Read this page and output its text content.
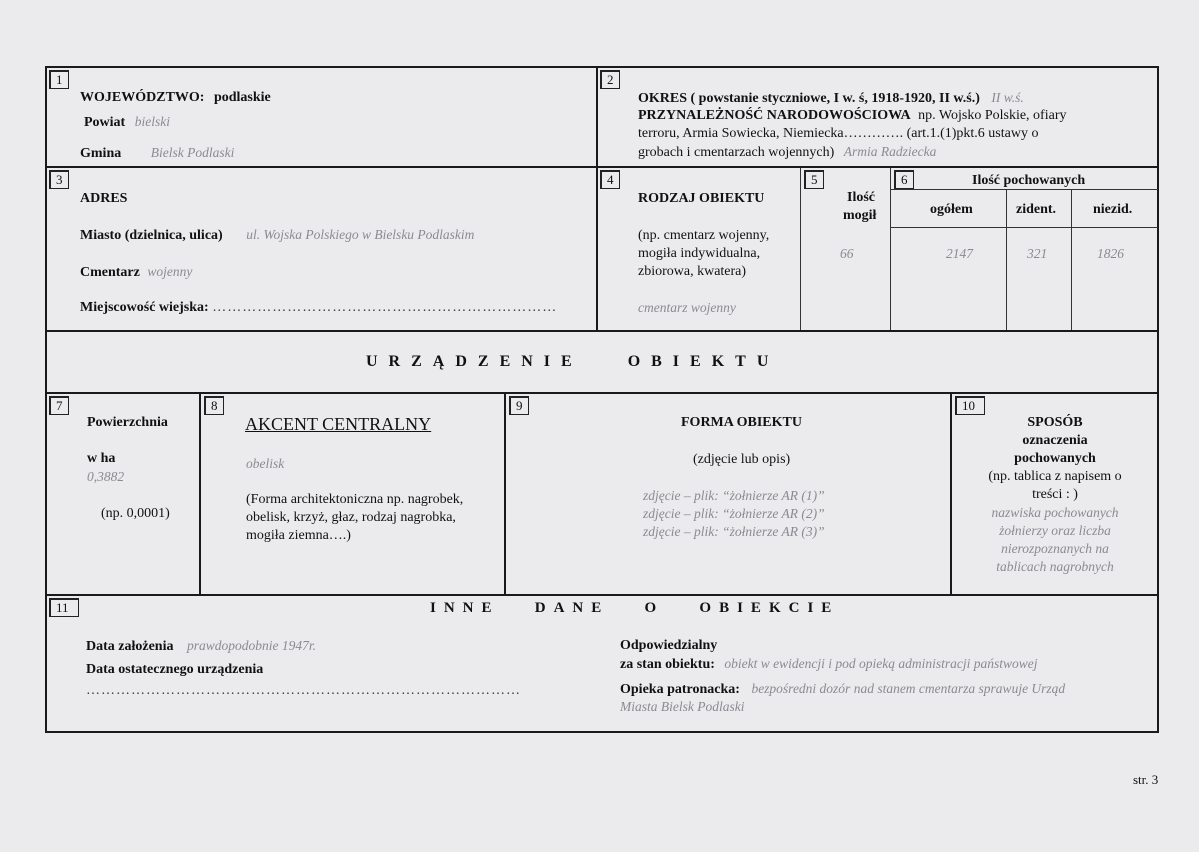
1
WOJEWÓDZTWO: podlaskie
Powiat bielski
Gmina Bielsk Podlaski
2
OKRES ( powstanie styczniowe, I w. ś, 1918-1920, II w.ś.) II w.ś.
PRZYNALEŻNOŚĆ NARODOWOŚCIOWA np. Wojsko Polskie, ofiary
terroru, Armia Sowiecka, Niemiecka…………. (art.1.(1)pkt.6 ustawy o
grobach i cmentarzach wojennych) Armia Radziecka
3
ADRES
Miasto (dzielnica, ulica) ul. Wojska Polskiego w Bielsku Podlaskim
Cmentarz wojenny
Miejscowość wiejska: ……………………………………………………………
4
RODZAJ OBIEKTU
(np. cmentarz wojenny,
mogiła indywidualna,
zbiorowa, kwatera)
cmentarz wojenny
5
Ilość
mogił
66
6	Ilość pochowanych
ogółem	zident.	niezid.
2147	321	1826
URZĄDZENIE   OBIEKTU
7
Powierzchnia
w ha
0,3882
(np. 0,0001)
8
AKCENT CENTRALNY
obelisk
(Forma architektoniczna np. nagrobek,
obelisk, krzyż, głaz, rodzaj nagrobka,
mogiła ziemna….)
9
FORMA OBIEKTU
(zdjęcie lub opis)
zdjęcie – plik: “żołnierze AR (1)”
zdjęcie – plik: “żołnierze AR (2)”
zdjęcie – plik: “żołnierze AR (3)”
10
SPOSÓB
oznaczenia
pochowanych
(np. tablica z napisem o
treści : )
nazwiska pochowanych
żołnierzy oraz liczba
nierozpoznanych na
tablicach nagrobnych
11	INNE   DANE   O   OBIEKCIE
Data założenia prawdopodobnie 1947r.
Data ostatecznego urządzenia
……………………………………………………………………………
Odpowiedzialny
za stan obiektu: obiekt w ewidencji i pod opieką administracji państwowej
Opieka patronacka: bezpośredni dozór nad stanem cmentarza sprawuje Urząd
Miasta Bielsk Podlaski
str. 3
